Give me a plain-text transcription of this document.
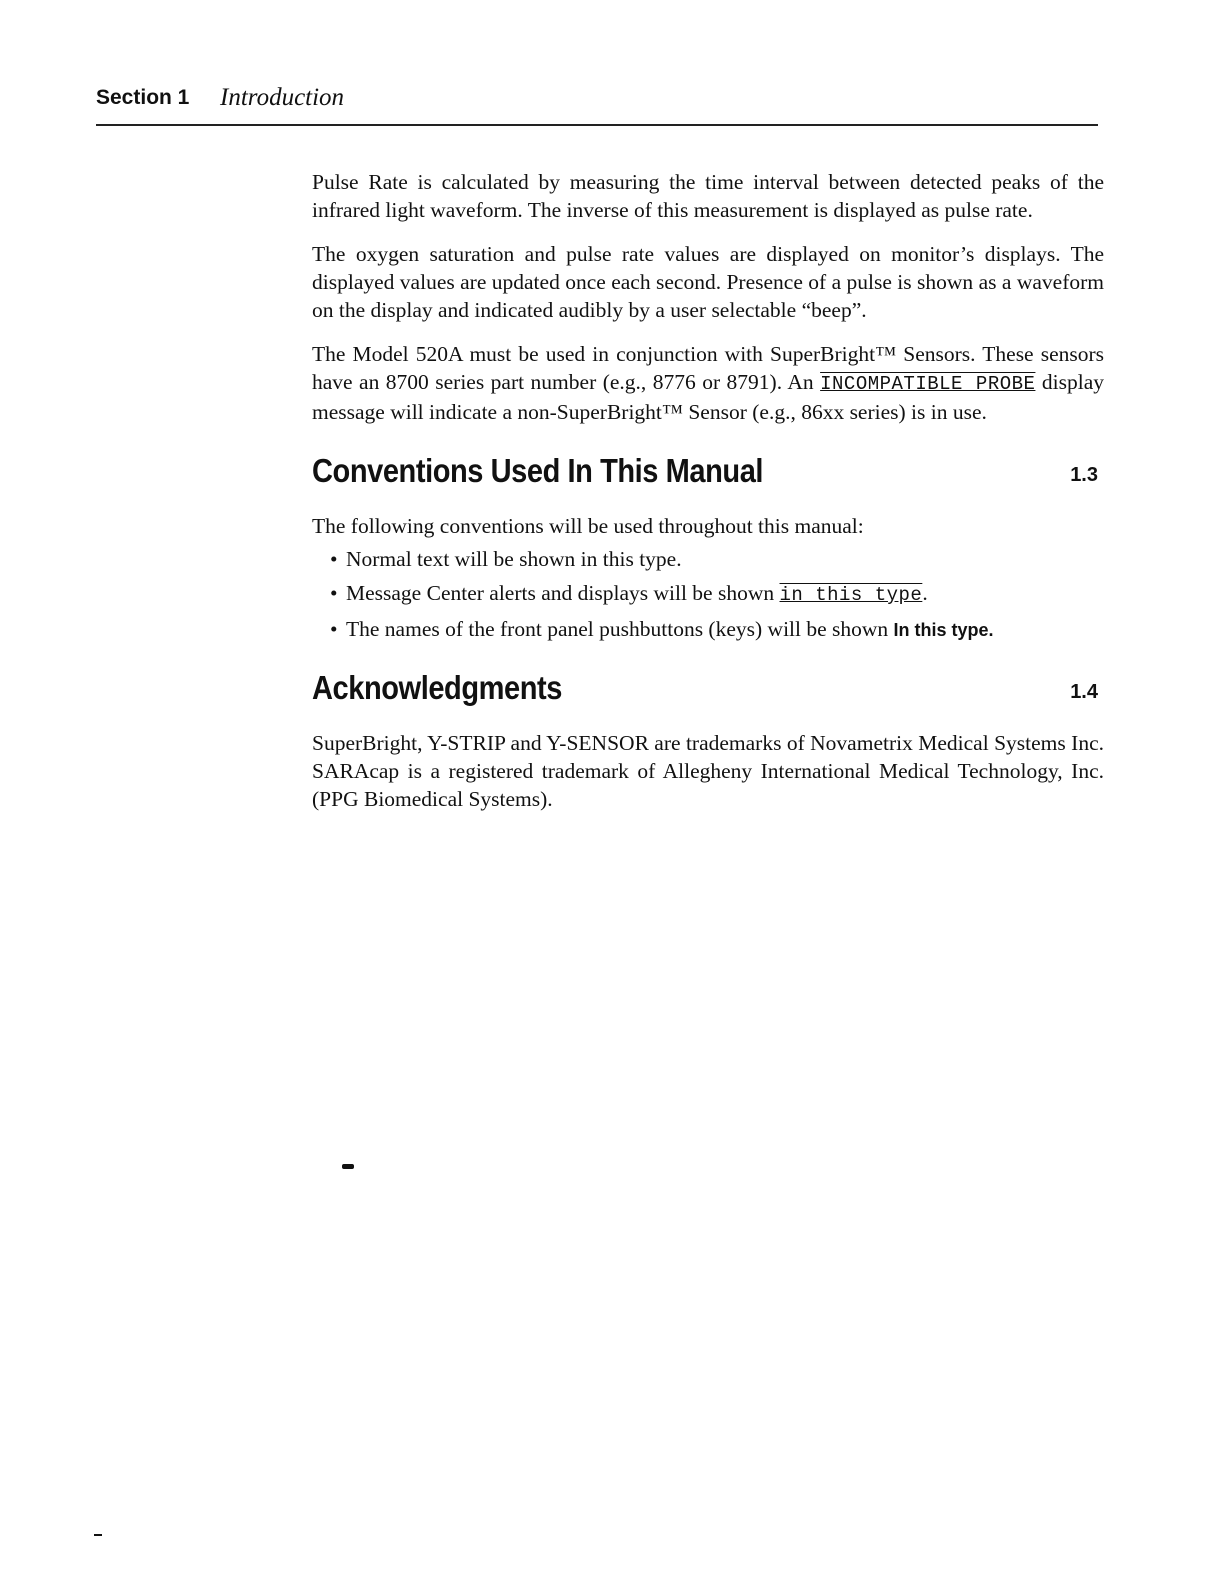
Section 1 Introduction

Pulse Rate is calculated by measuring the time interval between detected peaks of the infrared light waveform. The inverse of this measurement is displayed as pulse rate.

The oxygen saturation and pulse rate values are displayed on monitor’s displays. The displayed values are updated once each second. Presence of a pulse is shown as a waveform on the display and indicated audibly by a user selectable “beep”.

The Model 520A must be used in conjunction with SuperBright™ Sensors. These sensors have an 8700 series part number (e.g., 8776 or 8791). An INCOMPATIBLE PROBE display message will indicate a non-SuperBright™ Sensor (e.g., 86xx series) is in use.

Conventions Used In This Manual	1.3

The following conventions will be used throughout this manual:

• Normal text will be shown in this type.
• Message Center alerts and displays will be shown in this type.
• The names of the front panel pushbuttons (keys) will be shown In this type.
Acknowledgments	1.4

SuperBright, Y-STRIP and Y-SENSOR are trademarks of Novametrix Medical Systems Inc. SARAcap is a registered trademark of Allegheny International Medical Technology, Inc. (PPG Biomedical Systems).
